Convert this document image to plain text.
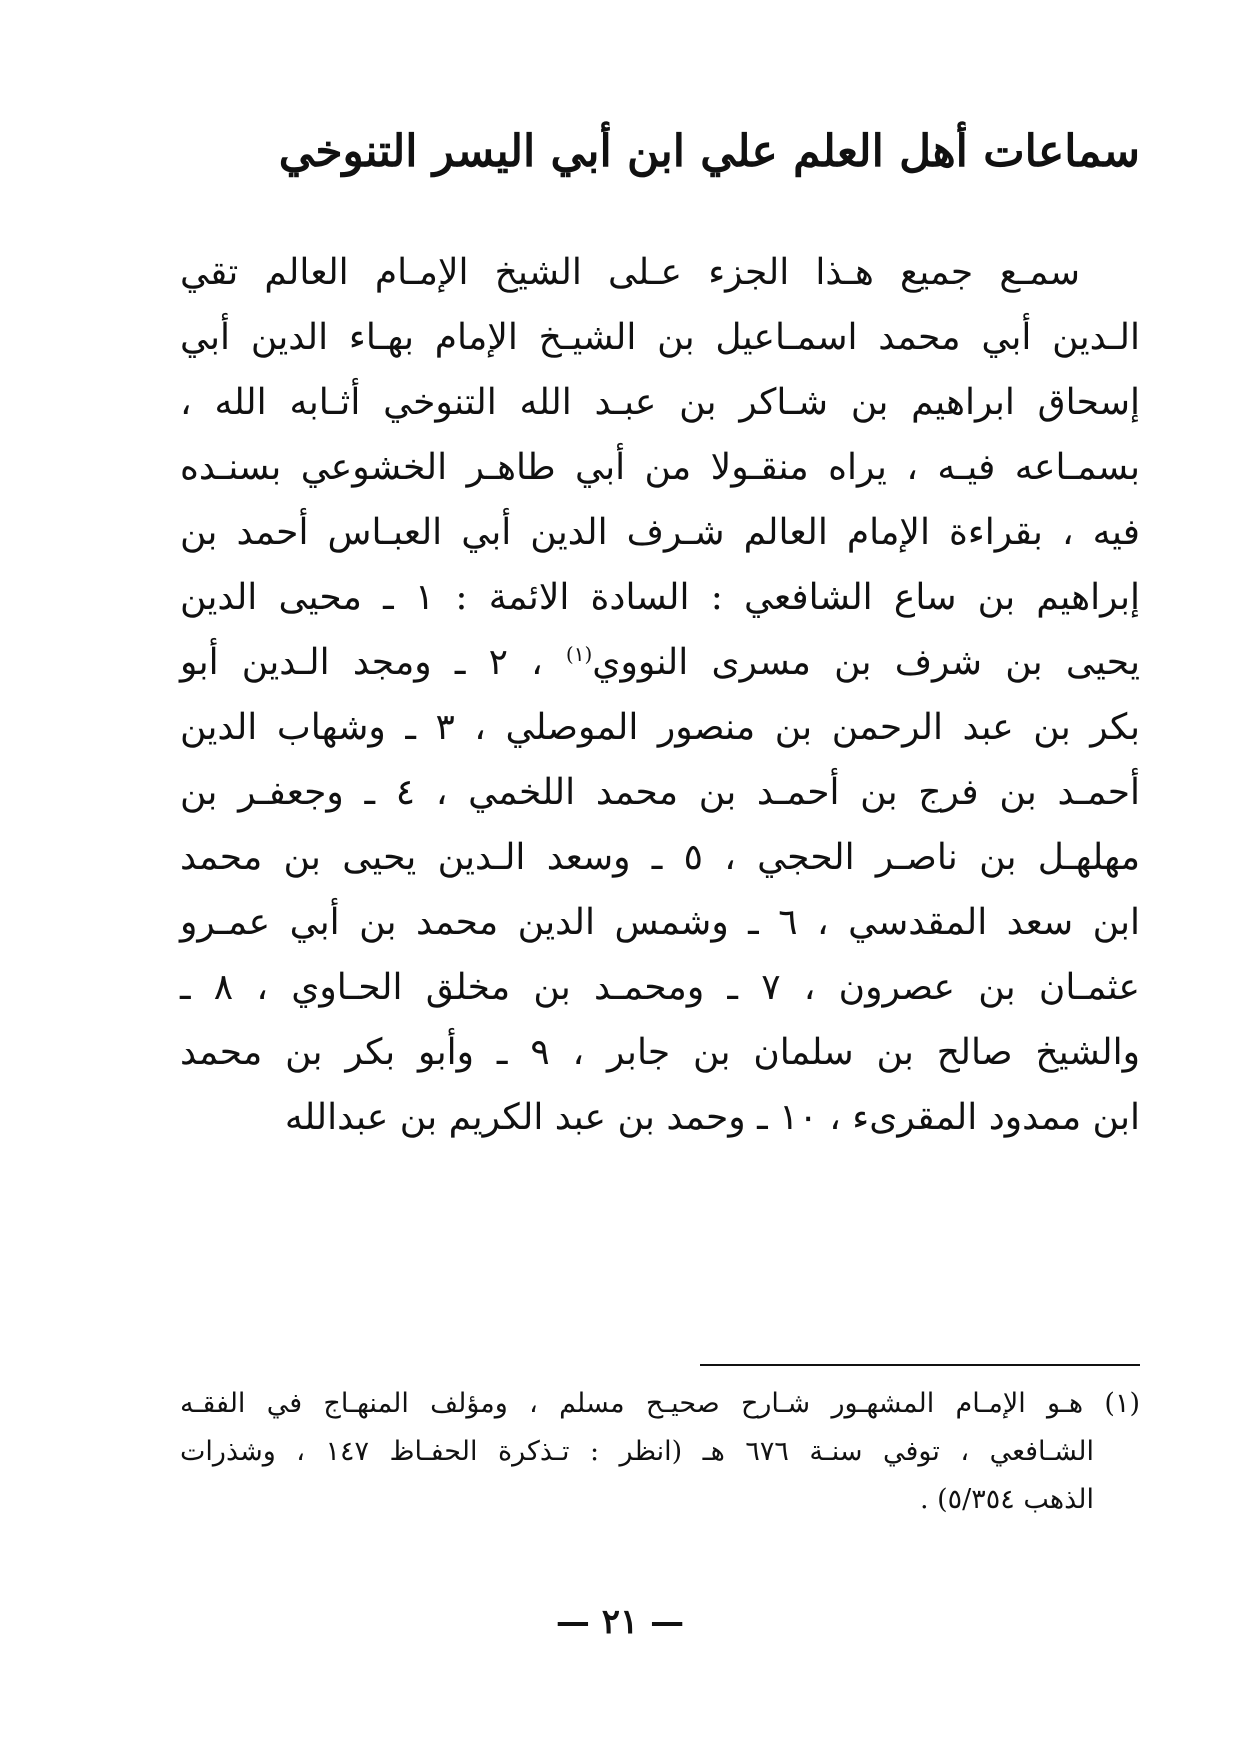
سماعات أهل العلم علي ابن أبي اليسر التنوخي
سمـع جميع هـذا الجزء عـلى الشيخ الإمـام العالم تقي
الـدين أبي محمد اسمـاعيل بن الشيـخ الإمام بهـاء الدين أبي
إسحاق ابراهيم بن شـاكر بن عبـد الله التنوخي أثـابه الله ،
بسمـاعه فيـه ، يراه منقـولا من أبي طاهـر الخشوعي بسنـده
فيه ، بقراءة الإمام العالم شـرف الدين أبي العبـاس أحمد بن
إبراهيم بن ساع الشافعي : السادة الائمة : ١ ـ محيى الدين
يحيى بن شرف بن مسرى النووي$^{(١)}$ ، ٢ ـ ومجد الـدين أبو
بكر بن عبد الرحمن بن منصور الموصلي ، ٣ ـ وشهاب الدين
أحمـد بن فرج بن أحمـد بن محمد اللخمي ، ٤ ـ وجعفـر بن
مهلهـل بن ناصـر الحجي ، ٥ ـ وسعد الـدين يحيى بن محمد
ابن سعد المقدسي ، ٦ ـ وشمس الدين محمد بن أبي عمـرو
عثمـان بن عصرون ، ٧ ـ ومحمـد بن مخلق الحـاوي ، ٨ ـ
والشيخ صالح بن سلمان بن جابر ، ٩ ـ وأبو بكر بن محمد
ابن ممدود المقرىء ، ١٠ ـ وحمد بن عبد الكريم بن عبدالله
(١) هـو الإمـام المشهـور شـارح صحيـح مسلم ، ومؤلف المنهـاج في الفقـه
الشـافعي ، توفي سنـة ٦٧٦ هـ (انظر : تـذكرة الحفـاظ ١٤٧ ، وشذرات
الذهب ٥/٣٥٤) .
— ٢١ —
